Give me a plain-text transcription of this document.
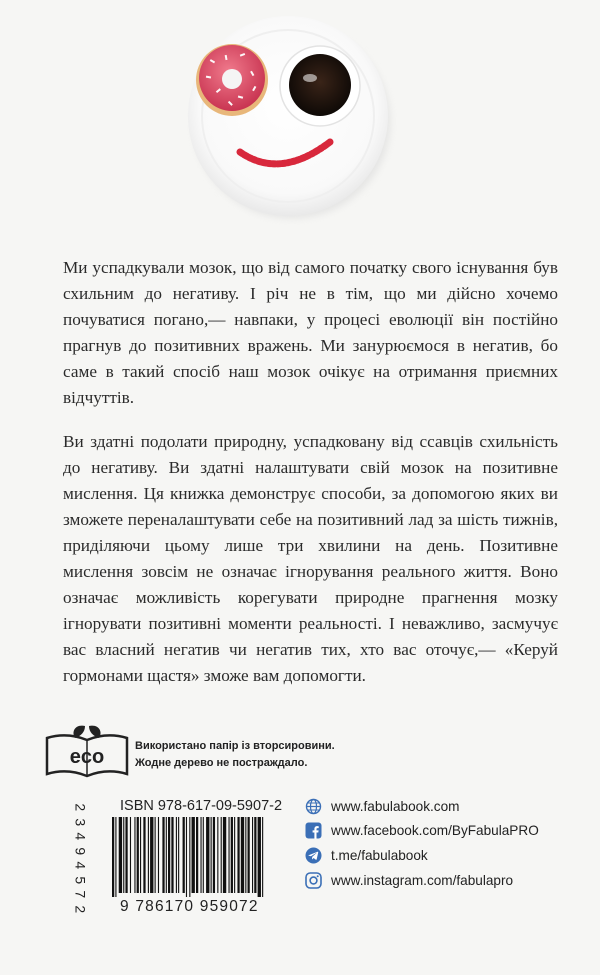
Ми успадкували мозок, що від самого початку свого існування був схильним до негативу. І річ не в тім, що ми дійсно хочемо почуватися погано,— навпаки, у процесі еволюції він постійно прагнув до позитивних вражень. Ми занурюємося в негатив, бо саме в такий спосіб наш мозок очікує на отримання приємних відчуттів.

Ви здатні подолати природну, успадковану від ссавців схильність до негативу. Ви здатні налаштувати свій мозок на позитивне мислення. Ця книжка демонструє способи, за допомогою яких ви зможете переналаштувати себе на позитивний лад за шість тижнів, приділяючи цьому лише три хвилини на день. Позитивне мислення зовсім не означає ігнорування реального життя. Воно означає можливість корегувати природне прагнення мозку ігнорувати позитивні моменти реальності. І неважливо, засмучує вас власний негатив чи негатив тих, хто вас оточує,— «Керуй гормонами щастя» зможе вам допомогти.

eco	Використано папір із вторсировини.
Жодне дерево не постраждало.
ISBN 978-617-09-5907-2
9 786170 959072
2
3
4
9
4
5
7
2
www.fabulabook.com
www.facebook.com/ByFabulaPRO
t.me/fabulabook
www.instagram.com/fabulapro
